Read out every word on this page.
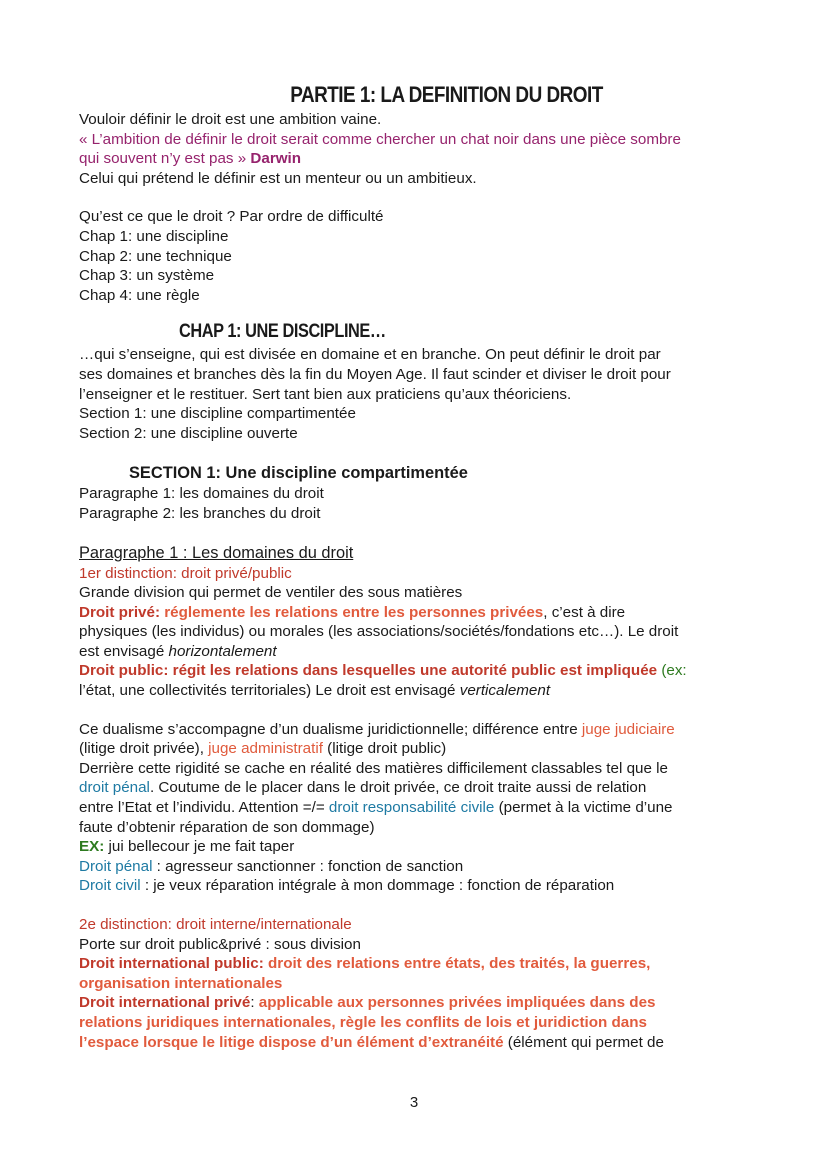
PARTIE 1: LA DEFINITION DU DROIT
Vouloir définir le droit est une ambition vaine.
« L’ambition de définir le droit serait comme chercher un chat noir dans une pièce sombre
qui souvent n’y est pas » Darwin
Celui qui prétend le définir est un menteur ou un ambitieux.
Qu’est ce que le droit ? Par ordre de difficulté
Chap 1: une discipline
Chap 2: une technique
Chap 3: un système
Chap 4: une règle
CHAP 1: UNE DISCIPLINE…
…qui s’enseigne, qui est divisée en domaine et en branche. On peut définir le droit par
ses domaines et branches dès la fin du Moyen Age. Il faut scinder et diviser le droit pour
l’enseigner et le restituer. Sert tant bien aux praticiens qu’aux théoriciens.
Section 1: une discipline compartimentée
Section 2: une discipline ouverte
SECTION 1: Une discipline compartimentée
Paragraphe 1: les domaines du droit
Paragraphe 2: les branches du droit
Paragraphe 1 : Les domaines du droit
1er distinction: droit privé/public
Grande division qui permet de ventiler des sous matières
Droit privé: réglemente les relations entre les personnes privées, c’est à dire
physiques (les individus) ou morales (les associations/sociétés/fondations etc…). Le droit
est envisagé horizontalement
Droit public: régit les relations dans lesquelles une autorité public est impliquée (ex:
l’état, une collectivités territoriales) Le droit est envisagé verticalement
Ce dualisme s’accompagne d’un dualisme juridictionnelle; différence entre juge judiciaire
(litige droit privée), juge administratif (litige droit public)
Derrière cette rigidité se cache en réalité des matières difficilement classables tel que le
droit pénal. Coutume de le placer dans le droit privée, ce droit traite aussi de relation
entre l’Etat et l’individu. Attention =/= droit responsabilité civile (permet à la victime d’une
faute d’obtenir réparation de son dommage)
EX: jui bellecour je me fait taper
Droit pénal : agresseur sanctionner : fonction de sanction
Droit civil : je veux réparation intégrale à mon dommage : fonction de réparation
2e distinction: droit interne/internationale
Porte sur droit public&privé : sous division
Droit international public: droit des relations entre états, des traités, la guerres,
organisation internationales
Droit international privé: applicable aux personnes privées impliquées dans des
relations juridiques internationales, règle les conflits de lois et juridiction dans
l’espace lorsque le litige dispose d’un élément d’extranéité (élément qui permet de
3
